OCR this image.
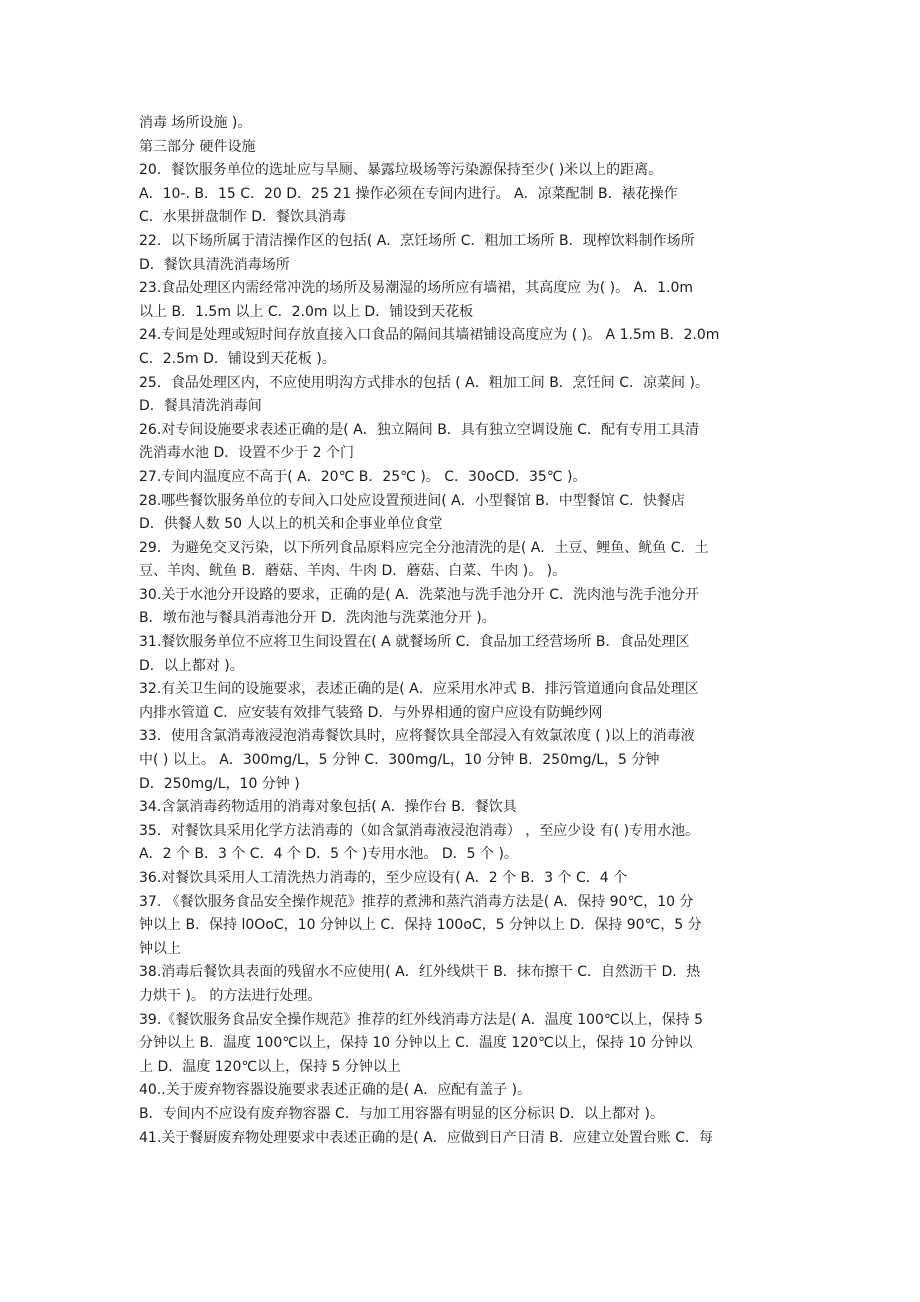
消毒 场所设施 )。
第三部分 硬件设施
20．餐饮服务单位的选址应与旱厕、暴露垃圾场等污染源保持至少( )米以上的距离。
A．10-. B．15 C．20 D．25 21 操作必须在专间内进行。 A．凉菜配制 B．裱花操作
C．水果拼盘制作 D．餐饮具消毒
22．以下场所属于清洁操作区的包括( A．烹饪场所 C．粗加工场所 B．现榨饮料制作场所
D．餐饮具清洗消毒场所
23.食品处理区内需经常冲洗的场所及易潮湿的场所应有墙裙，其高度应 为( )。 A．1.0m
以上 B．1.5m 以上 C．2.0m 以上 D．铺设到天花板
24.专间是处理或短时间存放直接入口食品的隔间其墙裙铺设高度应为 ( )。 A 1.5m B．2.0m
C．2.5m D．铺设到天花板 )。
25．食品处理区内，不应使用明沟方式排水的包括 ( A．粗加工间 B．烹饪间 C．凉菜间 )。
D．餐具清洗消毒间
26.对专间设施要求表述正确的是( A．独立隔间 B．具有独立空调设施 C．配有专用工具清
洗消毒水池 D．设置不少于 2 个门
27.专间内温度应不高于( A．20℃ B．25℃ )。 C．30oCD．35℃ )。
28.哪些餐饮服务单位的专间入口处应设置预进间( A．小型餐馆 B．中型餐馆 C．快餐店
D．供餐人数 50 人以上的机关和企事业单位食堂
29．为避免交叉污染，以下所列食品原料应完全分池清洗的是( A．土豆、鲤鱼、鱿鱼 C．土
豆、羊肉、鱿鱼 B．蘑菇、羊肉、牛肉 D．蘑菇、白菜、牛肉 )。 )。
30.关于水池分开设路的要求，正确的是( A．洗菜池与洗手池分开 C．洗肉池与洗手池分开
B．墩布池与餐具消毒池分开 D．洗肉池与洗菜池分开 )。
31.餐饮服务单位不应将卫生间设置在( A 就餐场所 C．食品加工经营场所 B．食品处理区
D．以上都对 )。
32.有关卫生间的设施要求，表述正确的是( A．应采用水冲式 B．排污管道通向食品处理区
内排水管道 C．应安装有效排气装臵 D．与外界相通的窗户应设有防蝇纱网
33．使用含氯消毒液浸泡消毒餐饮具时，应将餐饮具全部浸入有效氯浓度 ( )以上的消毒液
中( ) 以上。 A．300mg/L，5 分钟 C．300mg/L，10 分钟 B．250mg/L，5 分钟
D．250mg/L，10 分钟 )
34.含氯消毒药物适用的消毒对象包括( A．操作台 B．餐饮具
35．对餐饮具采用化学方法消毒的（如含氯消毒液浸泡消毒） ，至应少设 有( )专用水池。
A．2 个 B．3 个 C．4 个 D．5 个 )专用水池。 D．5 个 )。
36.对餐饮具采用人工清洗热力消毒的，至少应设有( A．2 个 B．3 个 C．4 个
37. 《餐饮服务食品安全操作规范》推荐的煮沸和蒸汽消毒方法是( A．保持 90℃，10 分
钟以上 B．保持 l0OoC，10 分钟以上 C．保持 100oC，5 分钟以上 D．保持 90℃，5 分
钟以上
38.消毒后餐饮具表面的残留水不应使用( A．红外线烘干 B．抹布擦干 C．自然沥干 D．热
力烘干 )。 的方法进行处理。
39.《餐饮服务食品安全操作规范》推荐的红外线消毒方法是( A．温度 100℃以上，保持 5
分钟以上 B．温度 100℃以上，保持 10 分钟以上 C．温度 120℃以上，保持 10 分钟以
上 D．温度 120℃以上，保持 5 分钟以上
40..关于废弃物容器设施要求表述正确的是( A．应配有盖子 )。
B．专间内不应设有废弃物容器 C．与加工用容器有明显的区分标识 D．以上都对 )。
41.关于餐厨废弃物处理要求中表述正确的是( A．应做到日产日清 B．应建立处置台账 C．每
